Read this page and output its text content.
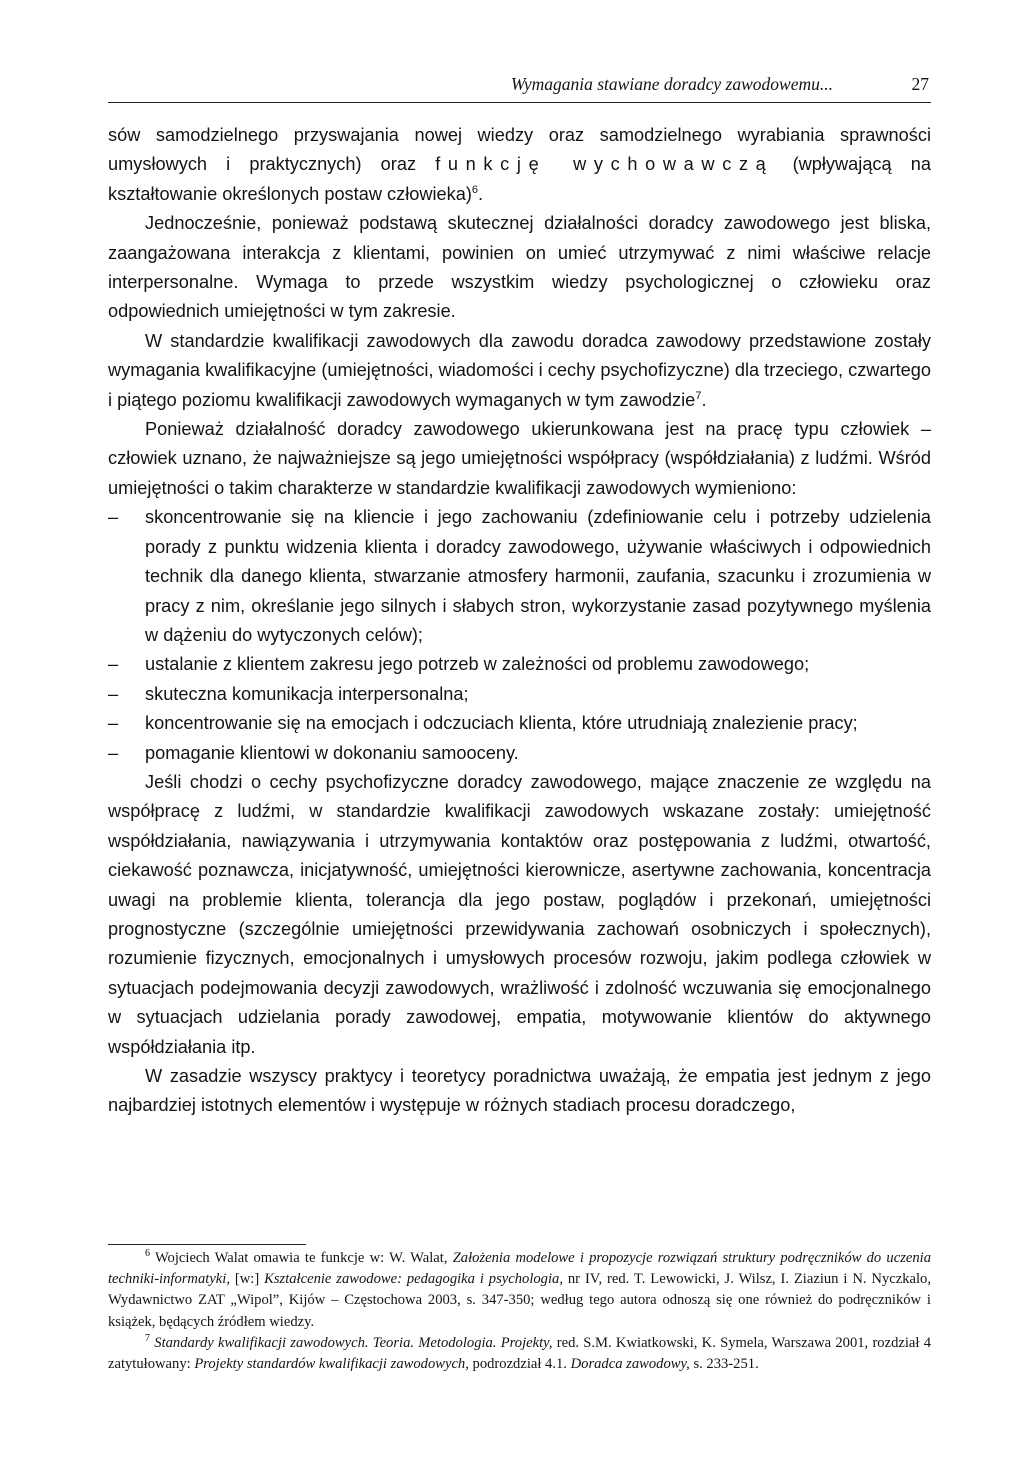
Wymagania stawiane doradcy zawodowemu...	27

sów samodzielnego przyswajania nowej wiedzy oraz samodzielnego wyrabiania sprawności umysłowych i praktycznych) oraz funkcję wychowawczą (wpływającą na kształtowanie określonych postaw człowieka)$^6$.

Jednocześnie, ponieważ podstawą skutecznej działalności doradcy zawodowego jest bliska, zaangażowana interakcja z klientami, powinien on umieć utrzymywać z nimi właściwe relacje interpersonalne. Wymaga to przede wszystkim wiedzy psychologicznej o człowieku oraz odpowiednich umiejętności w tym zakresie.

W standardzie kwalifikacji zawodowych dla zawodu doradca zawodowy przedstawione zostały wymagania kwalifikacyjne (umiejętności, wiadomości i cechy psychofizyczne) dla trzeciego, czwartego i piątego poziomu kwalifikacji zawodowych wymaganych w tym zawodzie$^7$.

Ponieważ działalność doradcy zawodowego ukierunkowana jest na pracę typu człowiek – człowiek uznano, że najważniejsze są jego umiejętności współpracy (współdziałania) z ludźmi. Wśród umiejętności o takim charakterze w standardzie kwalifikacji zawodowych wymieniono:

– skoncentrowanie się na kliencie i jego zachowaniu (zdefiniowanie celu i potrzeby udzielenia porady z punktu widzenia klienta i doradcy zawodowego, używanie właściwych i odpowiednich technik dla danego klienta, stwarzanie atmosfery harmonii, zaufania, szacunku i zrozumienia w pracy z nim, określanie jego silnych i słabych stron, wykorzystanie zasad pozytywnego myślenia w dążeniu do wytyczonych celów);
– ustalanie z klientem zakresu jego potrzeb w zależności od problemu zawodowego;
– skuteczna komunikacja interpersonalna;
– koncentrowanie się na emocjach i odczuciach klienta, które utrudniają znalezienie pracy;
– pomaganie klientowi w dokonaniu samooceny.

Jeśli chodzi o cechy psychofizyczne doradcy zawodowego, mające znaczenie ze względu na współpracę z ludźmi, w standardzie kwalifikacji zawodowych wskazane zostały: umiejętność współdziałania, nawiązywania i utrzymywania kontaktów oraz postępowania z ludźmi, otwartość, ciekawość poznawcza, inicjatywność, umiejętności kierownicze, asertywne zachowania, koncentracja uwagi na problemie klienta, tolerancja dla jego postaw, poglądów i przekonań, umiejętności prognostyczne (szczególnie umiejętności przewidywania zachowań osobniczych i społecznych), rozumienie fizycznych, emocjonalnych i umysłowych procesów rozwoju, jakim podlega człowiek w sytuacjach podejmowania decyzji zawodowych, wrażliwość i zdolność wczuwania się emocjonalnego w sytuacjach udzielania porady zawodowej, empatia, motywowanie klientów do aktywnego współdziałania itp.

W zasadzie wszyscy praktycy i teoretycy poradnictwa uważają, że empatia jest jednym z jego najbardziej istotnych elementów i występuje w różnych stadiach procesu doradczego,

$^6$ Wojciech Walat omawia te funkcje w: W. Walat, Założenia modelowe i propozycje rozwiązań struktury podręczników do uczenia techniki-informatyki, [w:] Kształcenie zawodowe: pedagogika i psychologia, nr IV, red. T. Lewowicki, J. Wilsz, I. Ziaziun i N. Nyczkalo, Wydawnictwo ZAT „Wipol”, Kijów – Częstochowa 2003, s. 347-350; według tego autora odnoszą się one również do podręczników i książek, będących źródłem wiedzy.

$^7$ Standardy kwalifikacji zawodowych. Teoria. Metodologia. Projekty, red. S.M. Kwiatkowski, K. Symela, Warszawa 2001, rozdział 4 zatytułowany: Projekty standardów kwalifikacji zawodowych, podrozdział 4.1. Doradca zawodowy, s. 233-251.
